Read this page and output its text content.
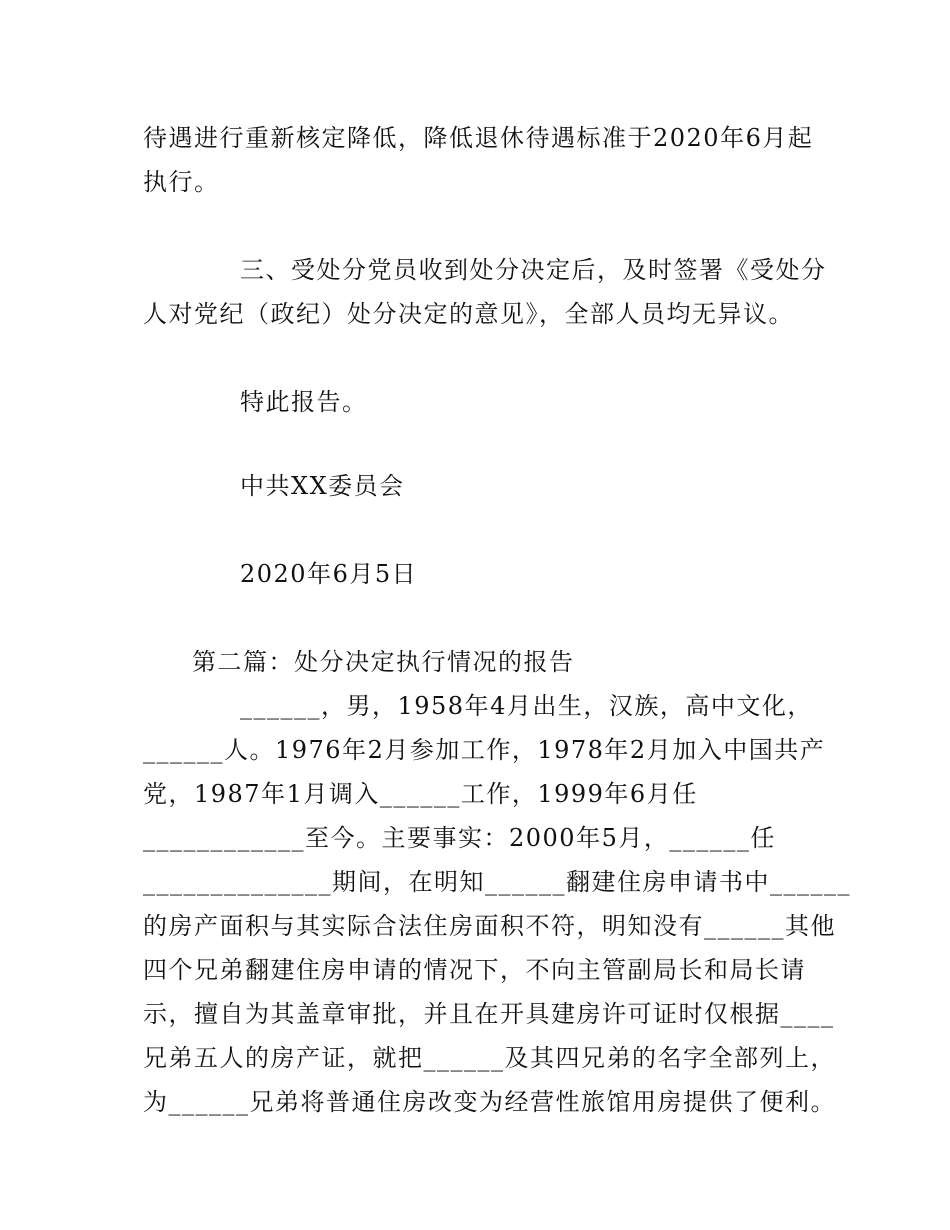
待遇进行重新核定降低，降低退休待遇标准于2020年6月起
执行。
三、受处分党员收到处分决定后，及时签署《受处分
人对党纪（政纪）处分决定的意见》，全部人员均无异议。
特此报告。
中共XX委员会
2020年6月5日
第二篇：处分决定执行情况的报告
______，男，1958年4月出生，汉族，高中文化，
______人。1976年2月参加工作，1978年2月加入中国共产
党，1987年1月调入______工作，1999年6月任
____________至今。主要事实：2000年5月，______任
______________期间，在明知______翻建住房申请书中______
的房产面积与其实际合法住房面积不符，明知没有______其他
四个兄弟翻建住房申请的情况下，不向主管副局长和局长请
示，擅自为其盖章审批，并且在开具建房许可证时仅根据____
兄弟五人的房产证，就把______及其四兄弟的名字全部列上，
为______兄弟将普通住房改变为经营性旅馆用房提供了便利。
